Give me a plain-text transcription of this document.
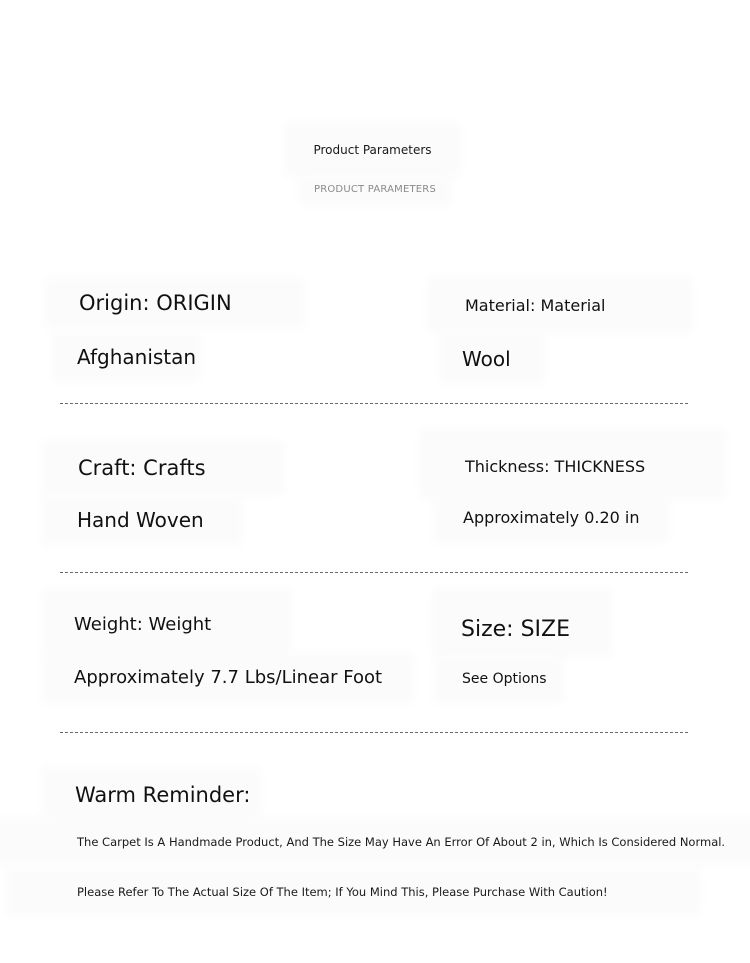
Product Parameters
PRODUCT PARAMETERS
Origin: ORIGIN
Afghanistan
Material: Material
Wool
Craft: Crafts
Hand Woven
Thickness: THICKNESS
Approximately 0.20 in
Weight: Weight
Approximately 7.7 Lbs/Linear Foot
Size: SIZE
See Options
Warm Reminder:
The Carpet Is A Handmade Product, And The Size May Have An Error Of About 2 in, Which Is Considered Normal.
Please Refer To The Actual Size Of The Item; If You Mind This, Please Purchase With Caution!
